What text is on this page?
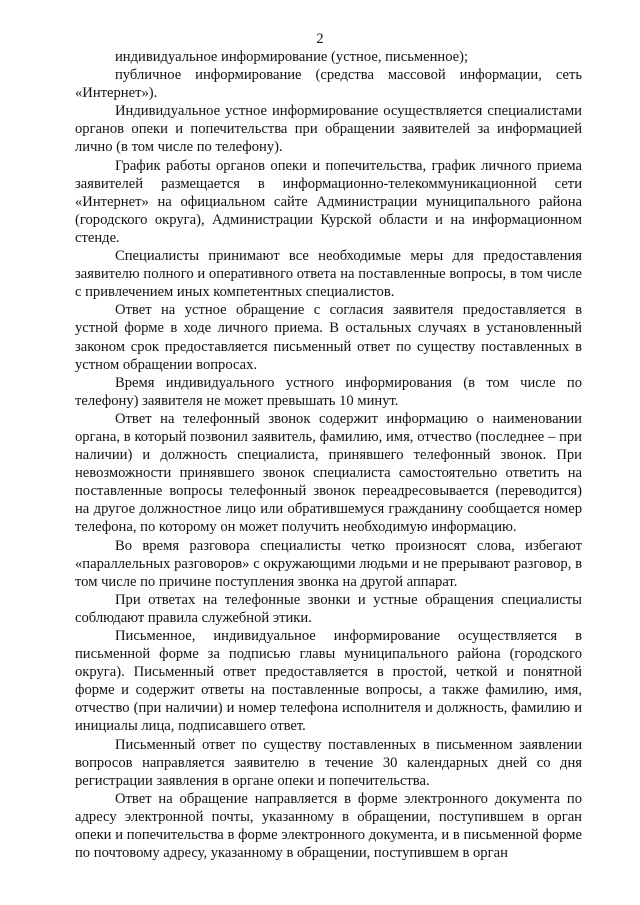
2

индивидуальное информирование (устное, письменное);

публичное информирование (средства массовой информации, сеть «Интернет»).

Индивидуальное устное информирование осуществляется специалистами органов опеки и попечительства при обращении заявителей за информацией лично (в том числе по телефону).

График работы органов опеки и попечительства, график личного приема заявителей размещается в информационно-телекоммуникационной сети «Интернет» на официальном сайте Администрации муниципального района (городского округа), Администрации Курской области и на информационном стенде.

Специалисты принимают все необходимые меры для предоставления заявителю полного и оперативного ответа на поставленные вопросы, в том числе с привлечением иных компетентных специалистов.

Ответ на устное обращение с согласия заявителя предоставляется в устной форме в ходе личного приема. В остальных случаях в установленный законом срок предоставляется письменный ответ по существу поставленных в устном обращении вопросах.

Время индивидуального устного информирования (в том числе по телефону) заявителя не может превышать 10 минут.

Ответ на телефонный звонок содержит информацию о наименовании органа, в который позвонил заявитель, фамилию, имя, отчество (последнее – при наличии) и должность специалиста, принявшего телефонный звонок. При невозможности принявшего звонок специалиста самостоятельно ответить на поставленные вопросы телефонный звонок переадресовывается (переводится) на другое должностное лицо или обратившемуся гражданину сообщается номер телефона, по которому он может получить необходимую информацию.

Во время разговора специалисты четко произносят слова, избегают «параллельных разговоров» с окружающими людьми и не прерывают разговор, в том числе по причине поступления звонка на другой аппарат.

При ответах на телефонные звонки и устные обращения специалисты соблюдают правила служебной этики.

Письменное, индивидуальное информирование осуществляется в письменной форме за подписью главы муниципального района (городского округа). Письменный ответ предоставляется в простой, четкой и понятной форме и содержит ответы на поставленные вопросы, а также фамилию, имя, отчество (при наличии) и номер телефона исполнителя и должность, фамилию и инициалы лица, подписавшего ответ.

Письменный ответ по существу поставленных в письменном заявлении вопросов направляется заявителю в течение 30 календарных дней со дня регистрации заявления в органе опеки и попечительства.

Ответ на обращение направляется в форме электронного документа по адресу электронной почты, указанному в обращении, поступившем в орган опеки и попечительства в форме электронного документа, и в письменной форме по почтовому адресу, указанному в обращении, поступившем в орган
